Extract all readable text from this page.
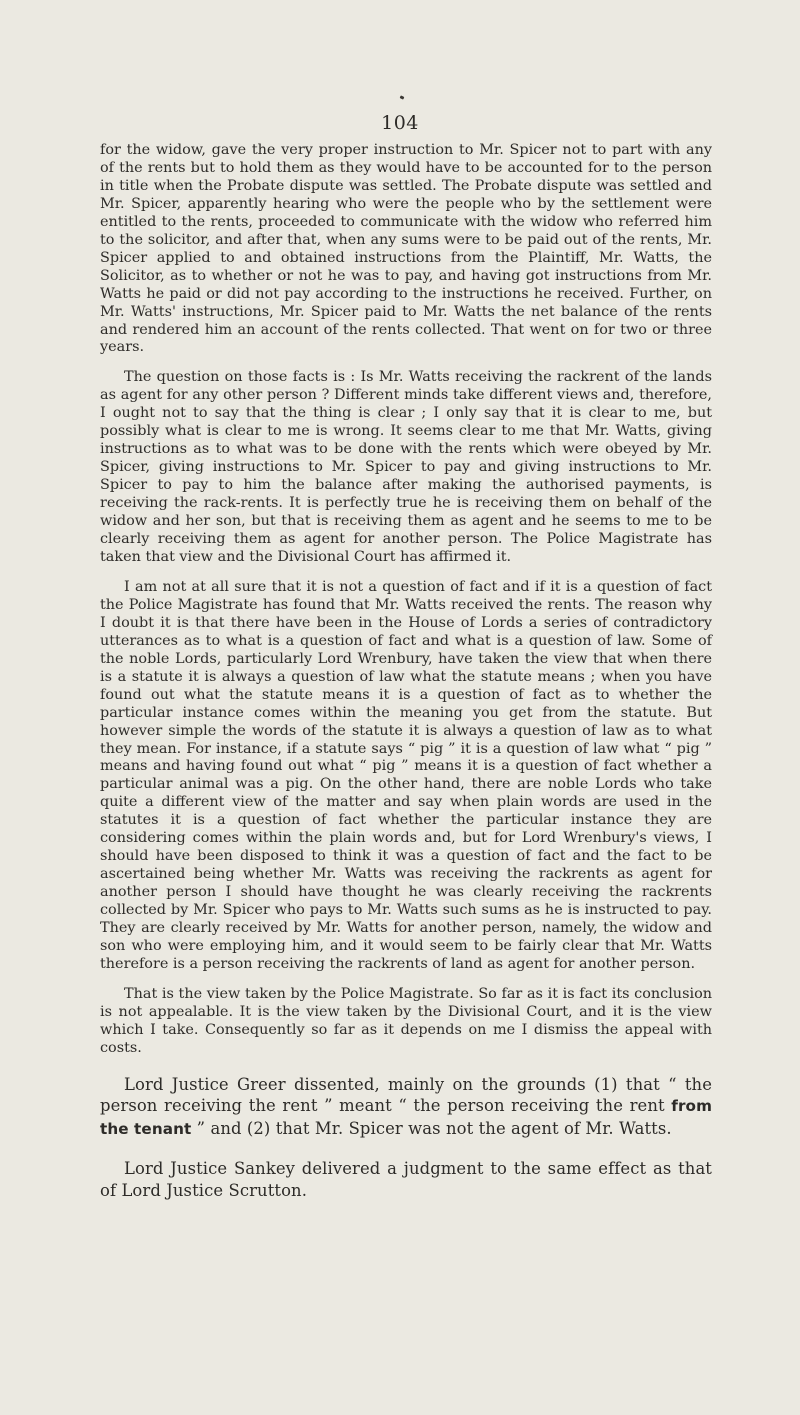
104

for the widow, gave the very proper instruction to Mr. Spicer not to part with any of the rents but to hold them as they would have to be accounted for to the person in title when the Probate dispute was settled. The Probate dispute was settled and Mr. Spicer, apparently hearing who were the people who by the settlement were entitled to the rents, proceeded to communicate with the widow who referred him to the solicitor, and after that, when any sums were to be paid out of the rents, Mr. Spicer applied to and obtained instructions from the Plaintiff, Mr. Watts, the Solicitor, as to whether or not he was to pay, and having got instructions from Mr. Watts he paid or did not pay according to the instructions he received. Further, on Mr. Watts' instructions, Mr. Spicer paid to Mr. Watts the net balance of the rents and rendered him an account of the rents collected. That went on for two or three years.

The question on those facts is : Is Mr. Watts receiving the rackrent of the lands as agent for any other person ? Different minds take different views and, therefore, I ought not to say that the thing is clear ; I only say that it is clear to me, but possibly what is clear to me is wrong. It seems clear to me that Mr. Watts, giving instructions as to what was to be done with the rents which were obeyed by Mr. Spicer, giving instructions to Mr. Spicer to pay and giving instructions to Mr. Spicer to pay to him the balance after making the authorised payments, is receiving the rack-rents. It is perfectly true he is receiving them on behalf of the widow and her son, but that is receiving them as agent and he seems to me to be clearly receiving them as agent for another person. The Police Magistrate has taken that view and the Divisional Court has affirmed it.

I am not at all sure that it is not a question of fact and if it is a question of fact the Police Magistrate has found that Mr. Watts received the rents. The reason why I doubt it is that there have been in the House of Lords a series of contradictory utterances as to what is a question of fact and what is a question of law. Some of the noble Lords, particularly Lord Wrenbury, have taken the view that when there is a statute it is always a question of law what the statute means ; when you have found out what the statute means it is a question of fact as to whether the particular instance comes within the meaning you get from the statute. But however simple the words of the statute it is always a question of law as to what they mean. For instance, if a statute says “ pig ” it is a question of law what “ pig ” means and having found out what “ pig ” means it is a question of fact whether a particular animal was a pig. On the other hand, there are noble Lords who take quite a different view of the matter and say when plain words are used in the statutes it is a question of fact whether the particular instance they are considering comes within the plain words and, but for Lord Wrenbury's views, I should have been disposed to think it was a question of fact and the fact to be ascertained being whether Mr. Watts was receiving the rackrents as agent for another person I should have thought he was clearly receiving the rackrents collected by Mr. Spicer who pays to Mr. Watts such sums as he is instructed to pay. They are clearly received by Mr. Watts for another person, namely, the widow and son who were employing him, and it would seem to be fairly clear that Mr. Watts therefore is a person receiving the rackrents of land as agent for another person.

That is the view taken by the Police Magistrate. So far as it is fact its conclusion is not appealable. It is the view taken by the Divisional Court, and it is the view which I take. Consequently so far as it depends on me I dismiss the appeal with costs.

Lord Justice Greer dissented, mainly on the grounds (1) that “ the person receiving the rent ” meant “ the person receiving the rent from the tenant ” and (2) that Mr. Spicer was not the agent of Mr. Watts.

Lord Justice Sankey delivered a judgment to the same effect as that of Lord Justice Scrutton.
